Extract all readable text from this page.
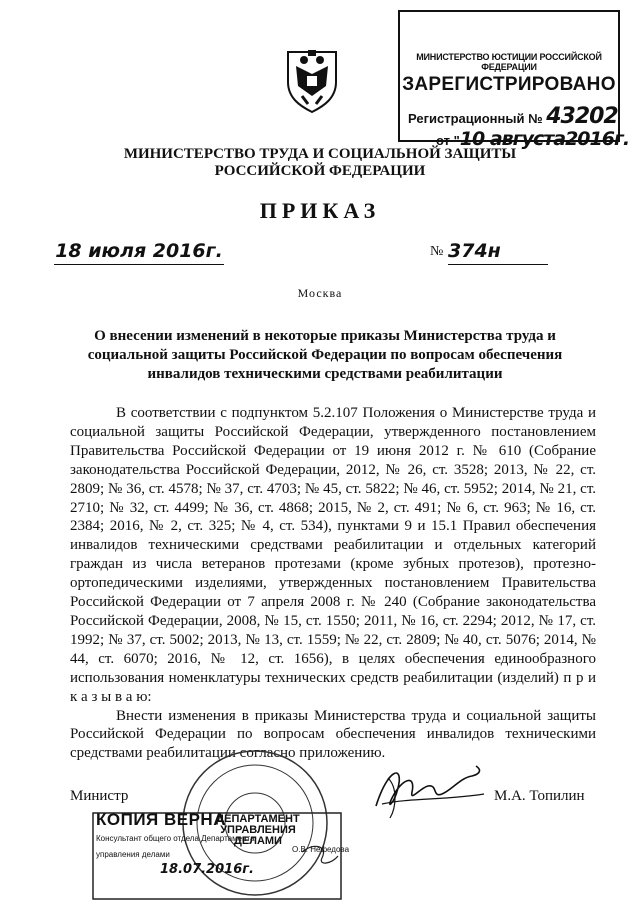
МИНИСТЕРСТВО ЮСТИЦИИ РОССИЙСКОЙ ФЕДЕРАЦИИ
ЗАРЕГИСТРИРОВАНО
Регистрационный № 43202
от "10 августа2016г.
МИНИСТЕРСТВО ТРУДА И СОЦИАЛЬНОЙ ЗАЩИТЫ
РОССИЙСКОЙ ФЕДЕРАЦИИ
ПРИКАЗ
18 июля 2016г.	№ 374н
Москва
О внесении изменений в некоторые приказы Министерства труда и социальной защиты Российской Федерации по вопросам обеспечения инвалидов техническими средствами реабилитации

В соответствии с подпунктом 5.2.107 Положения о Министерстве труда и социальной защиты Российской Федерации, утвержденного постановлением Правительства Российской Федерации от 19 июня 2012 г. № 610 (Собрание законодательства Российской Федерации, 2012, № 26, ст. 3528; 2013, № 22, ст. 2809; № 36, ст. 4578; № 37, ст. 4703; № 45, ст. 5822; № 46, ст. 5952; 2014, № 21, ст. 2710; № 32, ст. 4499; № 36, ст. 4868; 2015, № 2, ст. 491; № 6, ст. 963; № 16, ст. 2384; 2016, № 2, ст. 325; № 4, ст. 534), пунктами 9 и 15.1 Правил обеспечения инвалидов техническими средствами реабилитации и отдельных категорий граждан из числа ветеранов протезами (кроме зубных протезов), протезно-ортопедическими изделиями, утвержденных постановлением Правительства Российской Федерации от 7 апреля 2008 г. № 240 (Собрание законодательства Российской Федерации, 2008, № 15, ст. 1550; 2011, № 16, ст. 2294; 2012, № 17, ст. 1992; № 37, ст. 5002; 2013, № 13, ст. 1559; № 22, ст. 2809; № 40, ст. 5076; 2014, № 44, ст. 6070; 2016, № 12, ст. 1656), в целях обеспечения единообразного использования номенклатуры технических средств реабилитации (изделий) п р и к а з ы в а ю:

Внести изменения в приказы Министерства труда и социальной защиты Российской Федерации по вопросам обеспечения инвалидов техническими средствами реабилитации согласно приложению.

Министр	М.А. Топилин
КОПИЯ ВЕРНА
Консультант общего отдела Департамента
управления делами
О.В. Нефедова
ДЕПАРТАМЕНТ УПРАВЛЕНИЯ ДЕЛАМИ
18.07.2016г.
